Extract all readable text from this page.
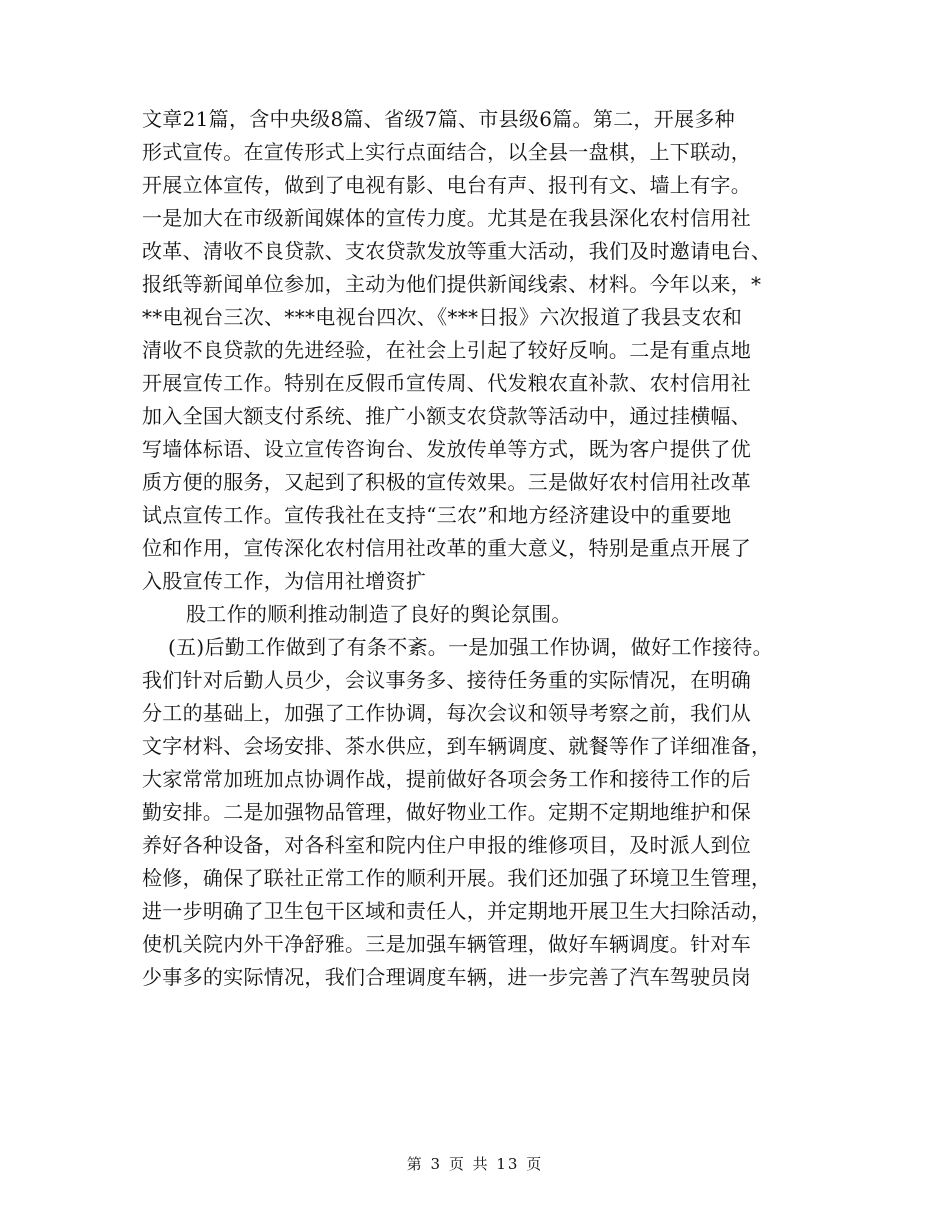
文章21篇，含中央级8篇、省级7篇、市县级6篇。第二，开展多种
形式宣传。在宣传形式上实行点面结合，以全县一盘棋，上下联动，
开展立体宣传，做到了电视有影、电台有声、报刊有文、墙上有字。
一是加大在市级新闻媒体的宣传力度。尤其是在我县深化农村信用社
改革、清收不良贷款、支农贷款发放等重大活动，我们及时邀请电台、
报纸等新闻单位参加，主动为他们提供新闻线索、材料。今年以来，*
**电视台三次、***电视台四次、《***日报》六次报道了我县支农和
清收不良贷款的先进经验，在社会上引起了较好反响。二是有重点地
开展宣传工作。特别在反假币宣传周、代发粮农直补款、农村信用社
加入全国大额支付系统、推广小额支农贷款等活动中，通过挂横幅、
写墙体标语、设立宣传咨询台、发放传单等方式，既为客户提供了优
质方便的服务，又起到了积极的宣传效果。三是做好农村信用社改革
试点宣传工作。宣传我社在支持“三农”和地方经济建设中的重要地
位和作用，宣传深化农村信用社改革的重大意义，特别是重点开展了
入股宣传工作，为信用社增资扩
股工作的顺利推动制造了良好的舆论氛围。
(五)后勤工作做到了有条不紊。一是加强工作协调，做好工作接待。
我们针对后勤人员少，会议事务多、接待任务重的实际情况，在明确
分工的基础上，加强了工作协调，每次会议和领导考察之前，我们从
文字材料、会场安排、茶水供应，到车辆调度、就餐等作了详细准备，
大家常常加班加点协调作战，提前做好各项会务工作和接待工作的后
勤安排。二是加强物品管理，做好物业工作。定期不定期地维护和保
养好各种设备，对各科室和院内住户申报的维修项目，及时派人到位
检修，确保了联社正常工作的顺利开展。我们还加强了环境卫生管理，
进一步明确了卫生包干区域和责任人，并定期地开展卫生大扫除活动，
使机关院内外干净舒雅。三是加强车辆管理，做好车辆调度。针对车
少事多的实际情况，我们合理调度车辆，进一步完善了汽车驾驶员岗
第 3 页 共 13 页
